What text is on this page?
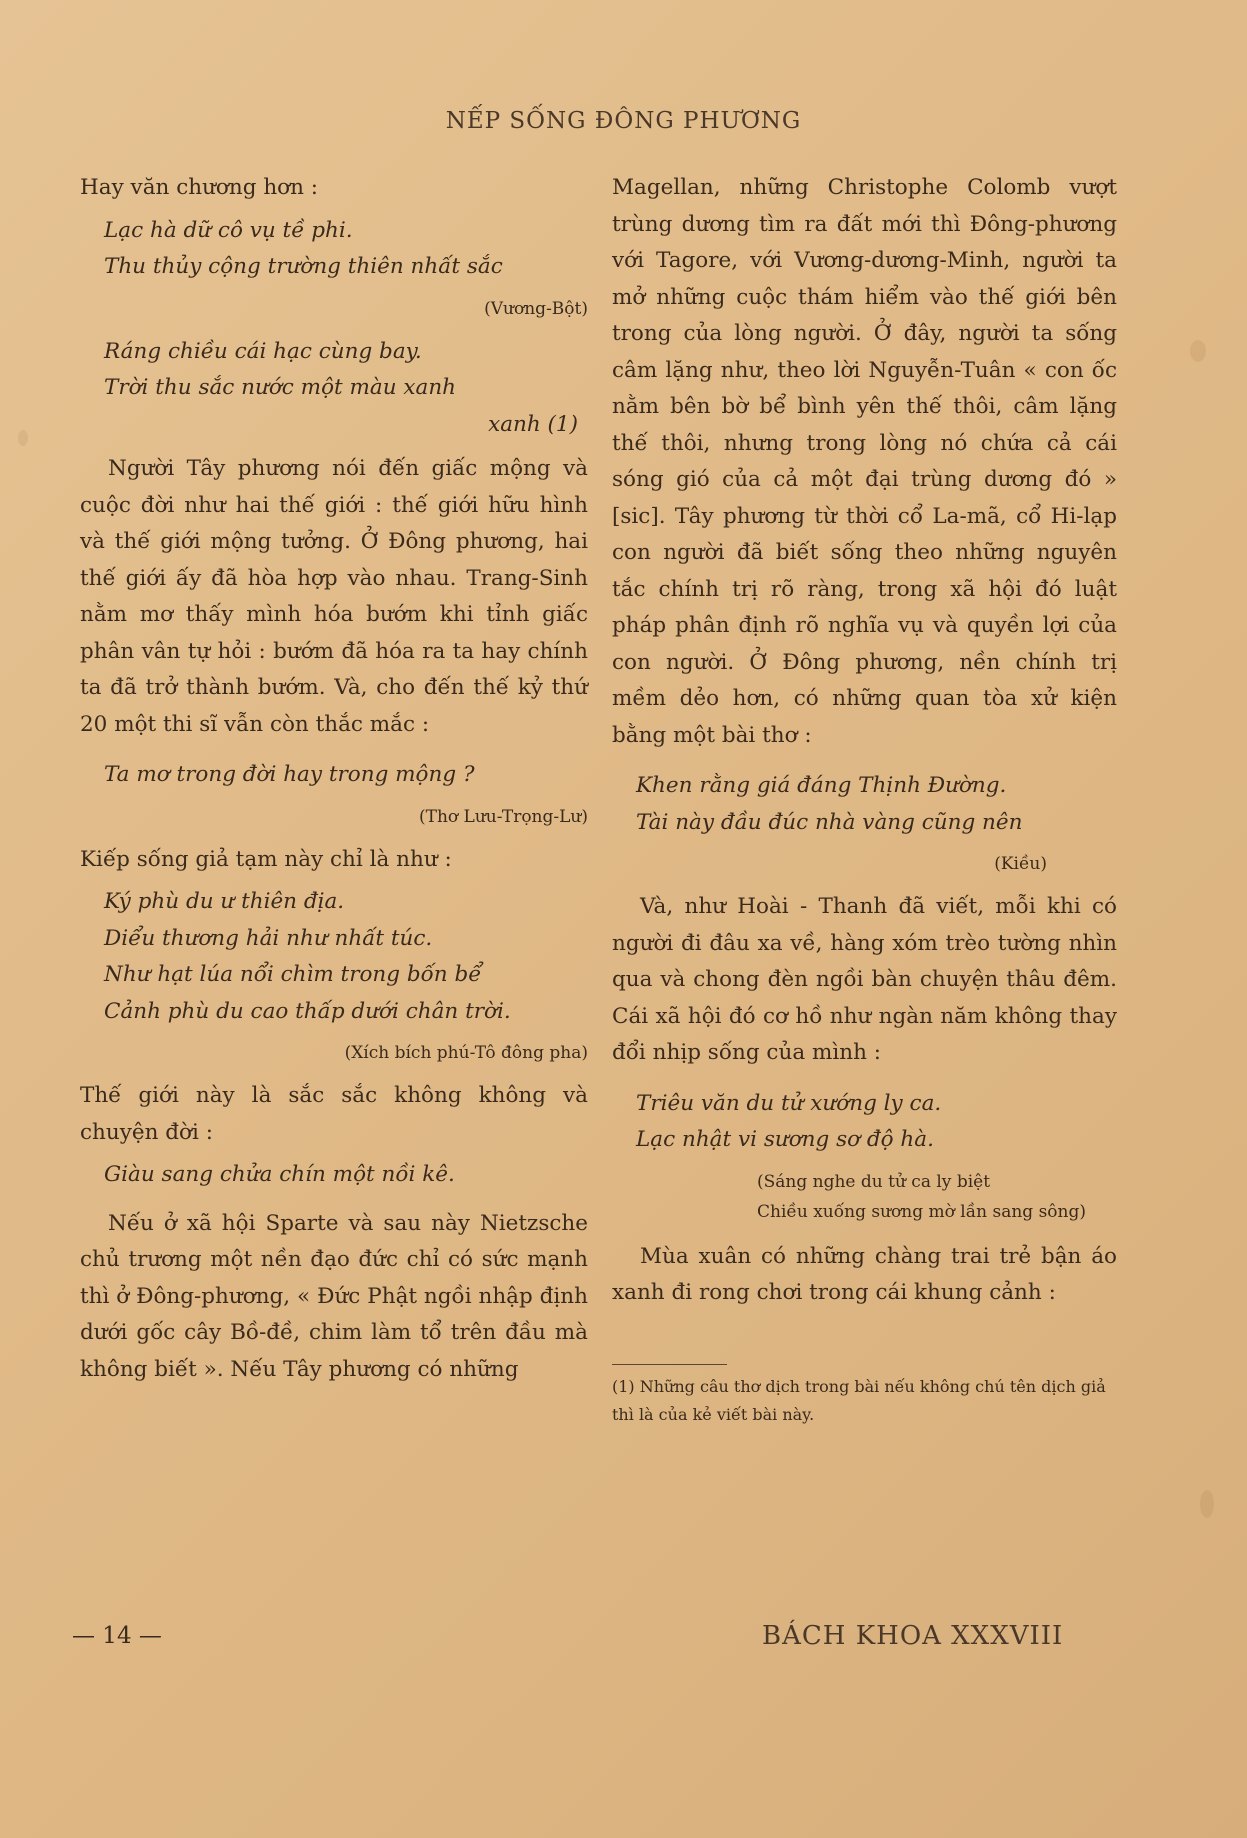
NẾP SỐNG ĐÔNG PHƯƠNG

Hay văn chương hơn :

Lạc hà dữ cô vụ tề phi.

Thu thủy cộng trường thiên nhất sắc

(Vương-Bột)

Ráng chiều cái hạc cùng bay.

Trời thu sắc nước một màu xanh

xanh (1)

Người Tây phương nói đến giấc mộng và cuộc đời như hai thế giới : thế giới hữu hình và thế giới mộng tưởng. Ở Đông phương, hai thế giới ấy đã hòa hợp vào nhau. Trang-Sinh nằm mơ thấy mình hóa bướm khi tỉnh giấc phân vân tự hỏi : bướm đã hóa ra ta hay chính ta đã trở thành bướm. Và, cho đến thế kỷ thứ 20 một thi sĩ vẫn còn thắc mắc :

Ta mơ trong đời hay trong mộng ?

(Thơ Lưu-Trọng-Lư)

Kiếp sống giả tạm này chỉ là như :

Ký phù du ư thiên địa.

Diểu thương hải như nhất túc.

Như hạt lúa nổi chìm trong bốn bể

Cảnh phù du cao thấp dưới chân trời.

(Xích bích phú-Tô đông pha)

Thế giới này là sắc sắc không không và chuyện đời :

Giàu sang chửa chín một nồi kê.

Nếu ở xã hội Sparte và sau này Nietzsche chủ trương một nền đạo đức chỉ có sức mạnh thì ở Đông-phương, « Đức Phật ngồi nhập định dưới gốc cây Bồ-đề, chim làm tổ trên đầu mà không biết ». Nếu Tây phương có những

Magellan, những Christophe Colomb vượt trùng dương tìm ra đất mới thì Đông-phương với Tagore, với Vương-dương-Minh, người ta mở những cuộc thám hiểm vào thế giới bên trong của lòng người. Ở đây, người ta sống câm lặng như, theo lời Nguyễn-Tuân « con ốc nằm bên bờ bể bình yên thế thôi, câm lặng thế thôi, nhưng trong lòng nó chứa cả cái sóng gió của cả một đại trùng dương đó » [sic]. Tây phương từ thời cổ La-mã, cổ Hi-lạp con người đã biết sống theo những nguyên tắc chính trị rõ ràng, trong xã hội đó luật pháp phân định rõ nghĩa vụ và quyền lợi của con người. Ở Đông phương, nền chính trị mềm dẻo hơn, có những quan tòa xử kiện bằng một bài thơ :

Khen rằng giá đáng Thịnh Đường.

Tài này đầu đúc nhà vàng cũng nên

(Kiều)

Và, như Hoài - Thanh đã viết, mỗi khi có người đi đâu xa về, hàng xóm trèo tường nhìn qua và chong đèn ngồi bàn chuyện thâu đêm. Cái xã hội đó cơ hồ như ngàn năm không thay đổi nhịp sống của mình :

Triêu văn du tử xướng ly ca.

Lạc nhật vi sương sơ độ hà.

(Sáng nghe du tử ca ly biệt

Chiều xuống sương mờ lần sang sông)

Mùa xuân có những chàng trai trẻ bận áo xanh đi rong chơi trong cái khung cảnh :

(1) Những câu thơ dịch trong bài nếu không chú tên dịch giả thì là của kẻ viết bài này.

— 14 —	BÁCH KHOA XXXVIII
